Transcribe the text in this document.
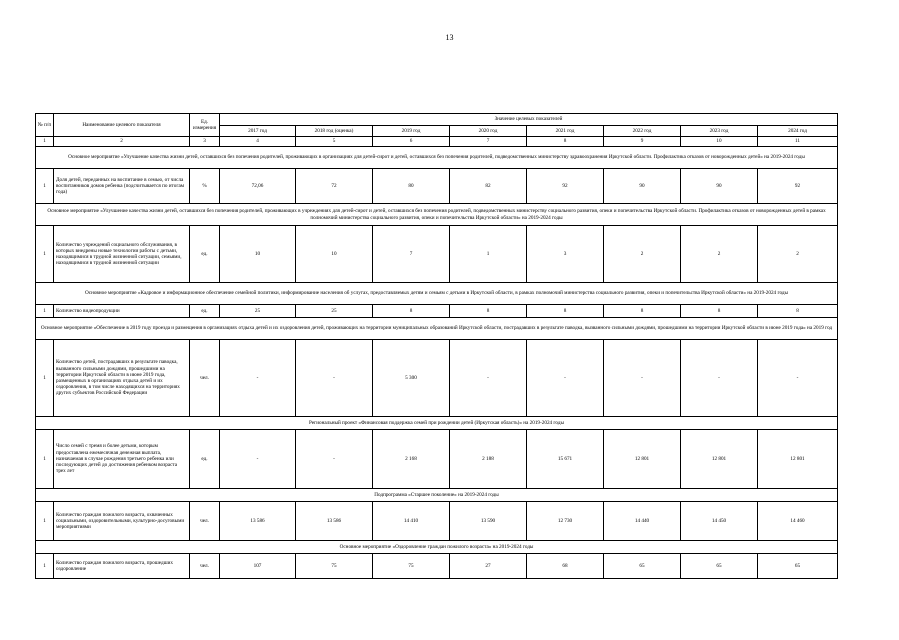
13
№ п/п	Наименование целевого показателя	Ед. измерения	Значение целевых показателей							
			2017 год	2018 год (оценка)	2019 год	2020 год	2021 год	2022 год	2023 год	2024 год
1	2	3	4	5	6	7	8	9	10	11
Основное мероприятие «Улучшение качества жизни детей, оставшихся без попечения родителей, проживающих в организациях для детей-сирот и детей, оставшихся без попечения родителей, подведомственных министерству здравоохранения Иркутской области. Профилактика отказов от новорожденных детей» на 2019-2024 годы										
1	Доля детей, переданных на воспитание в семью, от числа воспитанников домов ребенка (подсчитывается по итогам года)	%	72,06	72	80	82	92	90	90	92
Основное мероприятие «Улучшение качества жизни детей, оставшихся без попечения родителей, проживающих в учреждениях для детей-сирот и детей, оставшихся без попечения родителей, подведомственных министерству социального развития, опеки и попечительства Иркутской области. Профилактика отказов от новорожденных детей в рамках полномочий министерства социального развития, опеки и попечительства Иркутской области» на 2019-2024 годы										
1	Количество учреждений социального обслуживания, в которых внедрены новые технологии работы с детьми, находящимися в трудной жизненной ситуации, семьями, находящимися в трудной жизненной ситуации	ед.	10	10	7	1	3	2	2	2
Основное мероприятие «Кадровое и информационное обеспечение семейной политики, информирование населения об услугах, предоставляемых детям и семьям с детьми в Иркутской области, в рамках полномочий министерства социального развития, опеки и попечительства Иркутской области» на 2019-2024 годы										
1	Количество видеопродукции	ед.	25	25	8	8	8	8	8	8
Основное мероприятие «Обеспечение в 2019 году проезда и размещения в организациях отдыха детей и их оздоровления детей, проживающих на территории муниципальных образований Иркутской области, пострадавших в результате паводка, вызванного сильными дождями, прошедшими на территории Иркутской области в июне 2019 года» на 2019 год										
1	Количество детей, пострадавших в результате паводка, вызванного сильными дождями, прошедшими на территории Иркутской области в июне 2019 года, размещенных в организациях отдыха детей и их оздоровления, в том числе находящихся на территориях других субъектов Российской Федерации	чел.	-	-	5 300	-	-	-	-	-
Региональный проект «Финансовая поддержка семей при рождении детей (Иркутская область)» на 2019-2024 годы										
1	Число семей с тремя и более детьми, которым предоставлена ежемесячная денежная выплата, назначаемая в случае рождения третьего ребенка или последующих детей до достижения ребенком возраста трех лет	ед.	-	-	2 168	2 188	15 671	12 801	12 801	12 801
Подпрограмма «Старшее поколение» на 2019-2024 годы										
1	Количество граждан пожилого возраста, охваченных социальными, оздоровительными, культурно-досуговыми мероприятиями	чел.	13 586	13 586	14 410	13 590	12 730	14 440	14 450	14 460
Основное мероприятие «Оздоровление граждан пожилого возраста» на 2019-2024 годы										
1	Количество граждан пожилого возраста, прошедших оздоровление	чел.	107	75	75	27	68	65	65	65
